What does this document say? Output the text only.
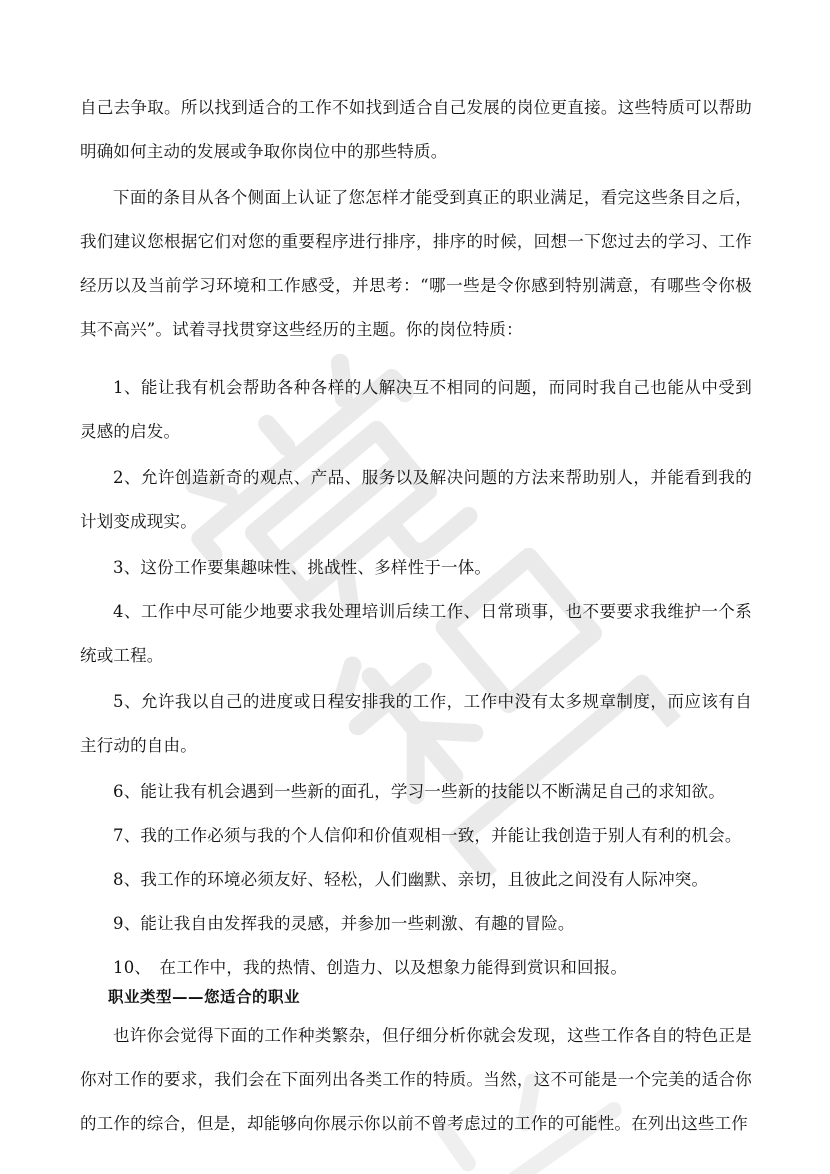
自己去争取。所以找到适合的工作不如找到适合自己发展的岗位更直接。这些特质可以帮助明确如何主动的发展或争取你岗位中的那些特质。

下面的条目从各个侧面上认证了您怎样才能受到真正的职业满足，看完这些条目之后，我们建议您根据它们对您的重要程序进行排序，排序的时候，回想一下您过去的学习、工作经历以及当前学习环境和工作感受，并思考：“哪一些是令你感到特别满意，有哪些令你极其不高兴”。试着寻找贯穿这些经历的主题。你的岗位特质：

1、能让我有机会帮助各种各样的人解决互不相同的问题，而同时我自己也能从中受到灵感的启发。

2、允许创造新奇的观点、产品、服务以及解决问题的方法来帮助别人，并能看到我的计划变成现实。

3、这份工作要集趣味性、挑战性、多样性于一体。

4、工作中尽可能少地要求我处理培训后续工作、日常琐事，也不要要求我维护一个系统或工程。

5、允许我以自己的进度或日程安排我的工作，工作中没有太多规章制度，而应该有自主行动的自由。

6、能让我有机会遇到一些新的面孔，学习一些新的技能以不断满足自己的求知欲。

7、我的工作必须与我的个人信仰和价值观相一致，并能让我创造于别人有利的机会。

8、我工作的环境必须友好、轻松，人们幽默、亲切，且彼此之间没有人际冲突。

9、能让我自由发挥我的灵感，并参加一些刺激、有趣的冒险。

10、　在工作中，我的热情、创造力、以及想象力能得到赏识和回报。

职业类型——您适合的职业

也许你会觉得下面的工作种类繁杂，但仔细分析你就会发现，这些工作各自的特色正是你对工作的要求，我们会在下面列出各类工作的特质。当然，这不可能是一个完美的适合你的工作的综合，但是，却能够向你展示你以前不曾考虑过的工作的可能性。在列出这些工作
